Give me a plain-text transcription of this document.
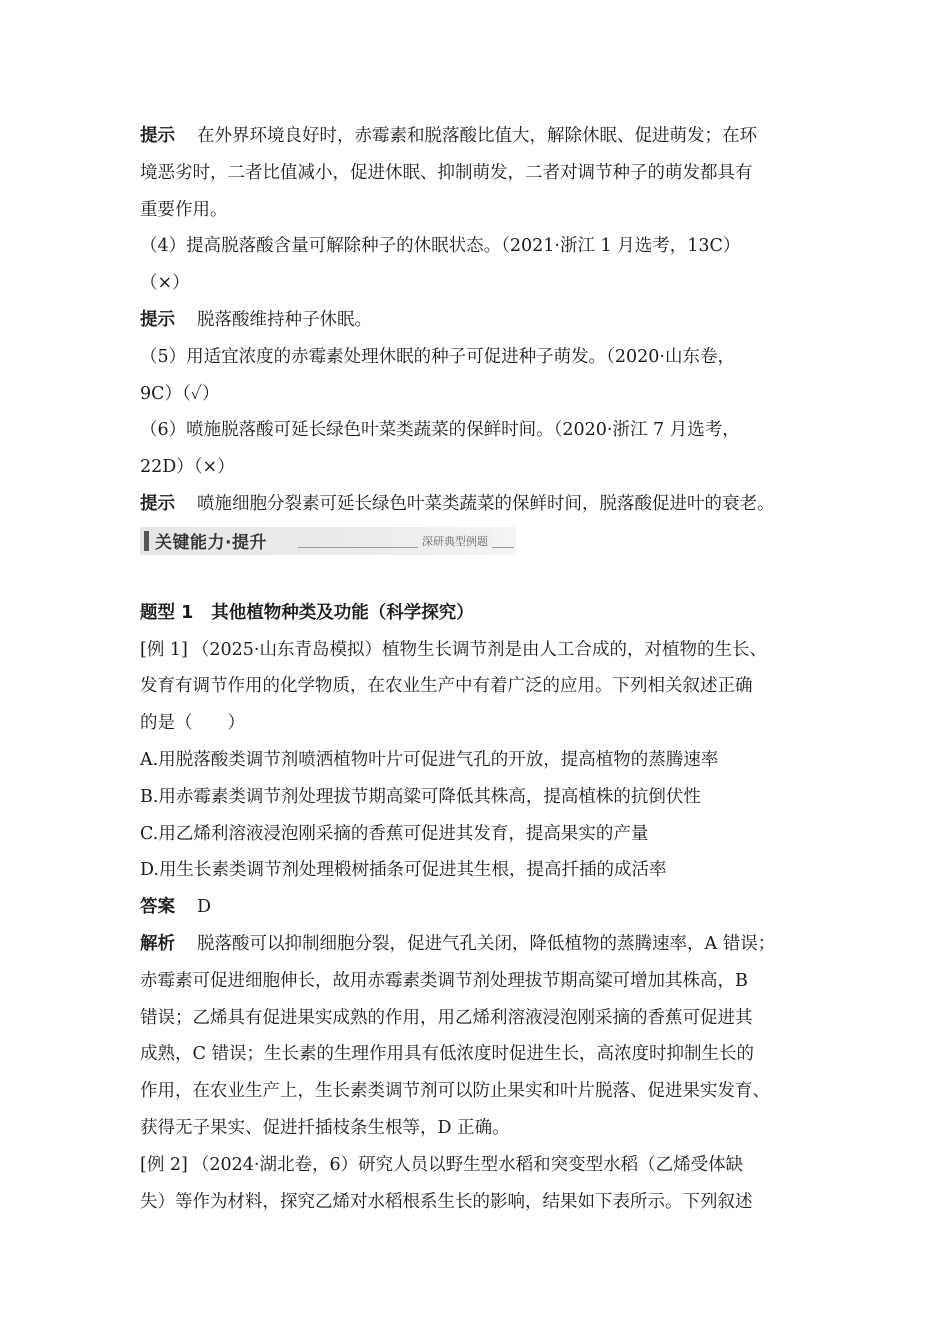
提示 在外界环境良好时，赤霉素和脱落酸比值大，解除休眠、促进萌发；在环
境恶劣时，二者比值减小，促进休眠、抑制萌发，二者对调节种子的萌发都具有
重要作用。
（4）提高脱落酸含量可解除种子的休眠状态。（2021·浙江 1 月选考，13C）
（×）
提示 脱落酸维持种子休眠。
（5）用适宜浓度的赤霉素处理休眠的种子可促进种子萌发。（2020·山东卷，
9C）（✓）
（6）喷施脱落酸可延长绿色叶菜类蔬菜的保鲜时间。（2020·浙江 7 月选考，
22D）（×）
提示 喷施细胞分裂素可延长绿色叶菜类蔬菜的保鲜时间，脱落酸促进叶的衰老。
关键能力·提升	深研典型例题
题型 1 其他植物种类及功能（科学探究）
[例 1] （2025·山东青岛模拟）植物生长调节剂是由人工合成的，对植物的生长、
发育有调节作用的化学物质，在农业生产中有着广泛的应用。下列相关叙述正确
的是（　　）
A.用脱落酸类调节剂喷洒植物叶片可促进气孔的开放，提高植物的蒸腾速率
B.用赤霉素类调节剂处理拔节期高粱可降低其株高，提高植株的抗倒伏性
C.用乙烯利溶液浸泡刚采摘的香蕉可促进其发育，提高果实的产量
D.用生长素类调节剂处理椴树插条可促进其生根，提高扦插的成活率
答案 D
解析 脱落酸可以抑制细胞分裂，促进气孔关闭，降低植物的蒸腾速率，A 错误；
赤霉素可促进细胞伸长，故用赤霉素类调节剂处理拔节期高粱可增加其株高，B
错误；乙烯具有促进果实成熟的作用，用乙烯利溶液浸泡刚采摘的香蕉可促进其
成熟，C 错误；生长素的生理作用具有低浓度时促进生长，高浓度时抑制生长的
作用，在农业生产上，生长素类调节剂可以防止果实和叶片脱落、促进果实发育、
获得无子果实、促进扦插枝条生根等，D 正确。
[例 2] （2024·湖北卷，6）研究人员以野生型水稻和突变型水稻（乙烯受体缺
失）等作为材料，探究乙烯对水稻根系生长的影响，结果如下表所示。下列叙述
